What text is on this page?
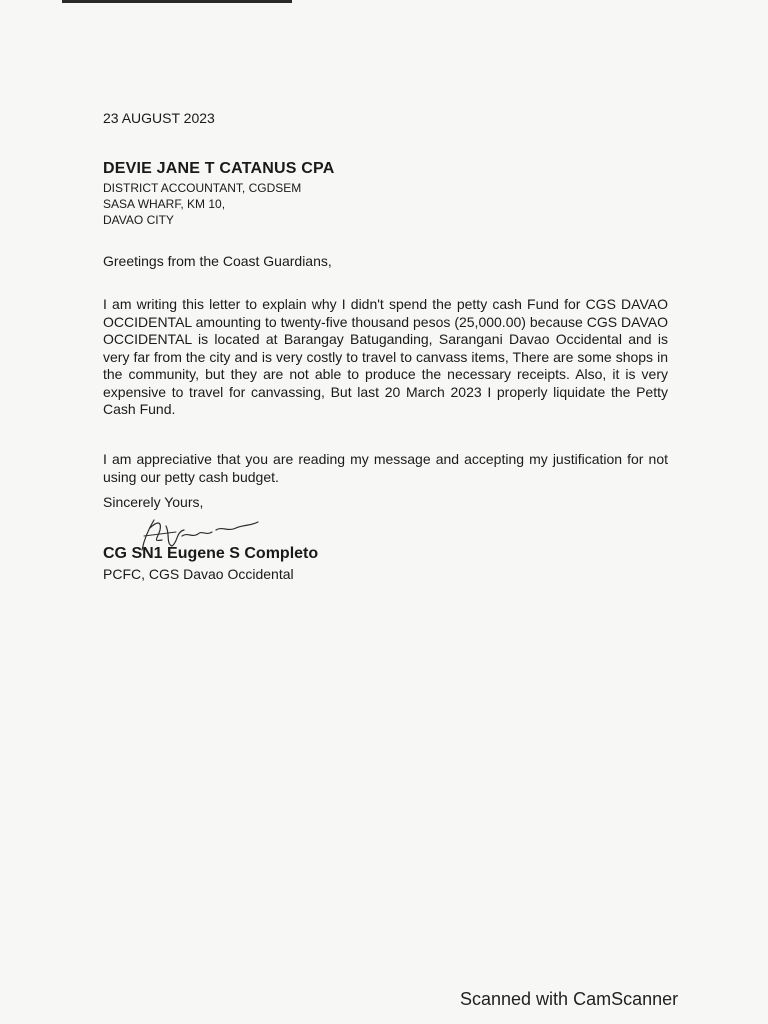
23 AUGUST 2023
DEVIE JANE T CATANUS CPA
DISTRICT ACCOUNTANT, CGDSEM
SASA WHARF, KM 10,
DAVAO CITY
Greetings from the Coast Guardians,

I am writing this letter to explain why I didn't spend the petty cash Fund for CGS DAVAO OCCIDENTAL amounting to twenty-five thousand pesos (25,000.00) because CGS DAVAO OCCIDENTAL is located at Barangay Batuganding, Sarangani Davao Occidental and is very far from the city and is very costly to travel to canvass items, There are some shops in the community, but they are not able to produce the necessary receipts. Also, it is very expensive to travel for canvassing, But last 20 March 2023 I properly liquidate the Petty Cash Fund.

I am appreciative that you are reading my message and accepting my justification for not using our petty cash budget.

Sincerely Yours,
CG SN1 Eugene S Completo
PCFC, CGS Davao Occidental
Scanned with CamScanner
